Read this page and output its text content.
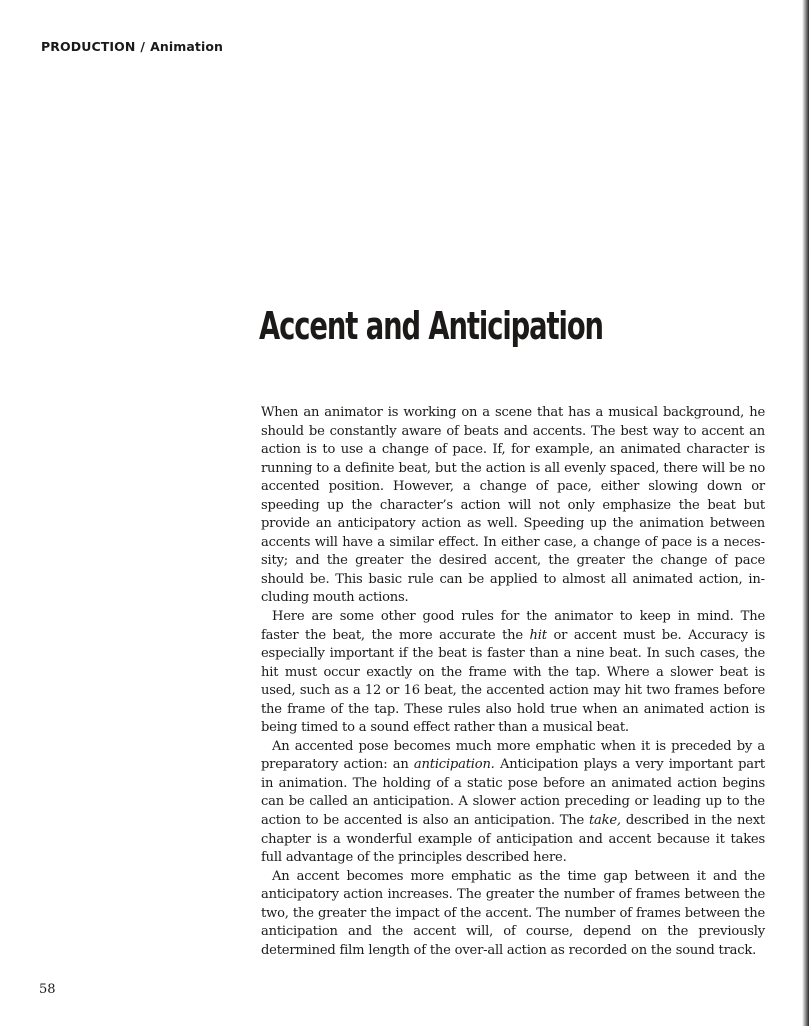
PRODUCTION / Animation
Accent and Anticipation

When an animator is working on a scene that has a musical background, he should be constantly aware of beats and accents. The best way to accent an action is to use a change of pace. If, for example, an animated character is running to a definite beat, but the action is all evenly spaced, there will be no accented position. However, a change of pace, either slowing down or speeding up the character’s action will not only emphasize the beat but provide an anticipatory action as well. Speeding up the animation between accents will have a similar effect. In either case, a change of pace is a necessity; and the greater the desired accent, the greater the change of pace should be. This basic rule can be applied to almost all animated action, including mouth actions.

Here are some other good rules for the animator to keep in mind. The faster the beat, the more accurate the hit or accent must be. Accuracy is especially important if the beat is faster than a nine beat. In such cases, the hit must occur exactly on the frame with the tap. Where a slower beat is used, such as a 12 or 16 beat, the accented action may hit two frames before the frame of the tap. These rules also hold true when an animated action is being timed to a sound effect rather than a musical beat.

An accented pose becomes much more emphatic when it is preceded by a preparatory action: an anticipation. Anticipation plays a very important part in animation. The holding of a static pose before an animated action begins can be called an anticipation. A slower action preceding or leading up to the action to be accented is also an anticipation. The take, described in the next chapter is a wonderful example of anticipation and accent because it takes full advantage of the principles described here.

An accent becomes more emphatic as the time gap between it and the anticipatory action increases. The greater the number of frames between the two, the greater the impact of the accent. The number of frames between the anticipation and the accent will, of course, depend on the previously determined film length of the over-all action as recorded on the sound track.

58
